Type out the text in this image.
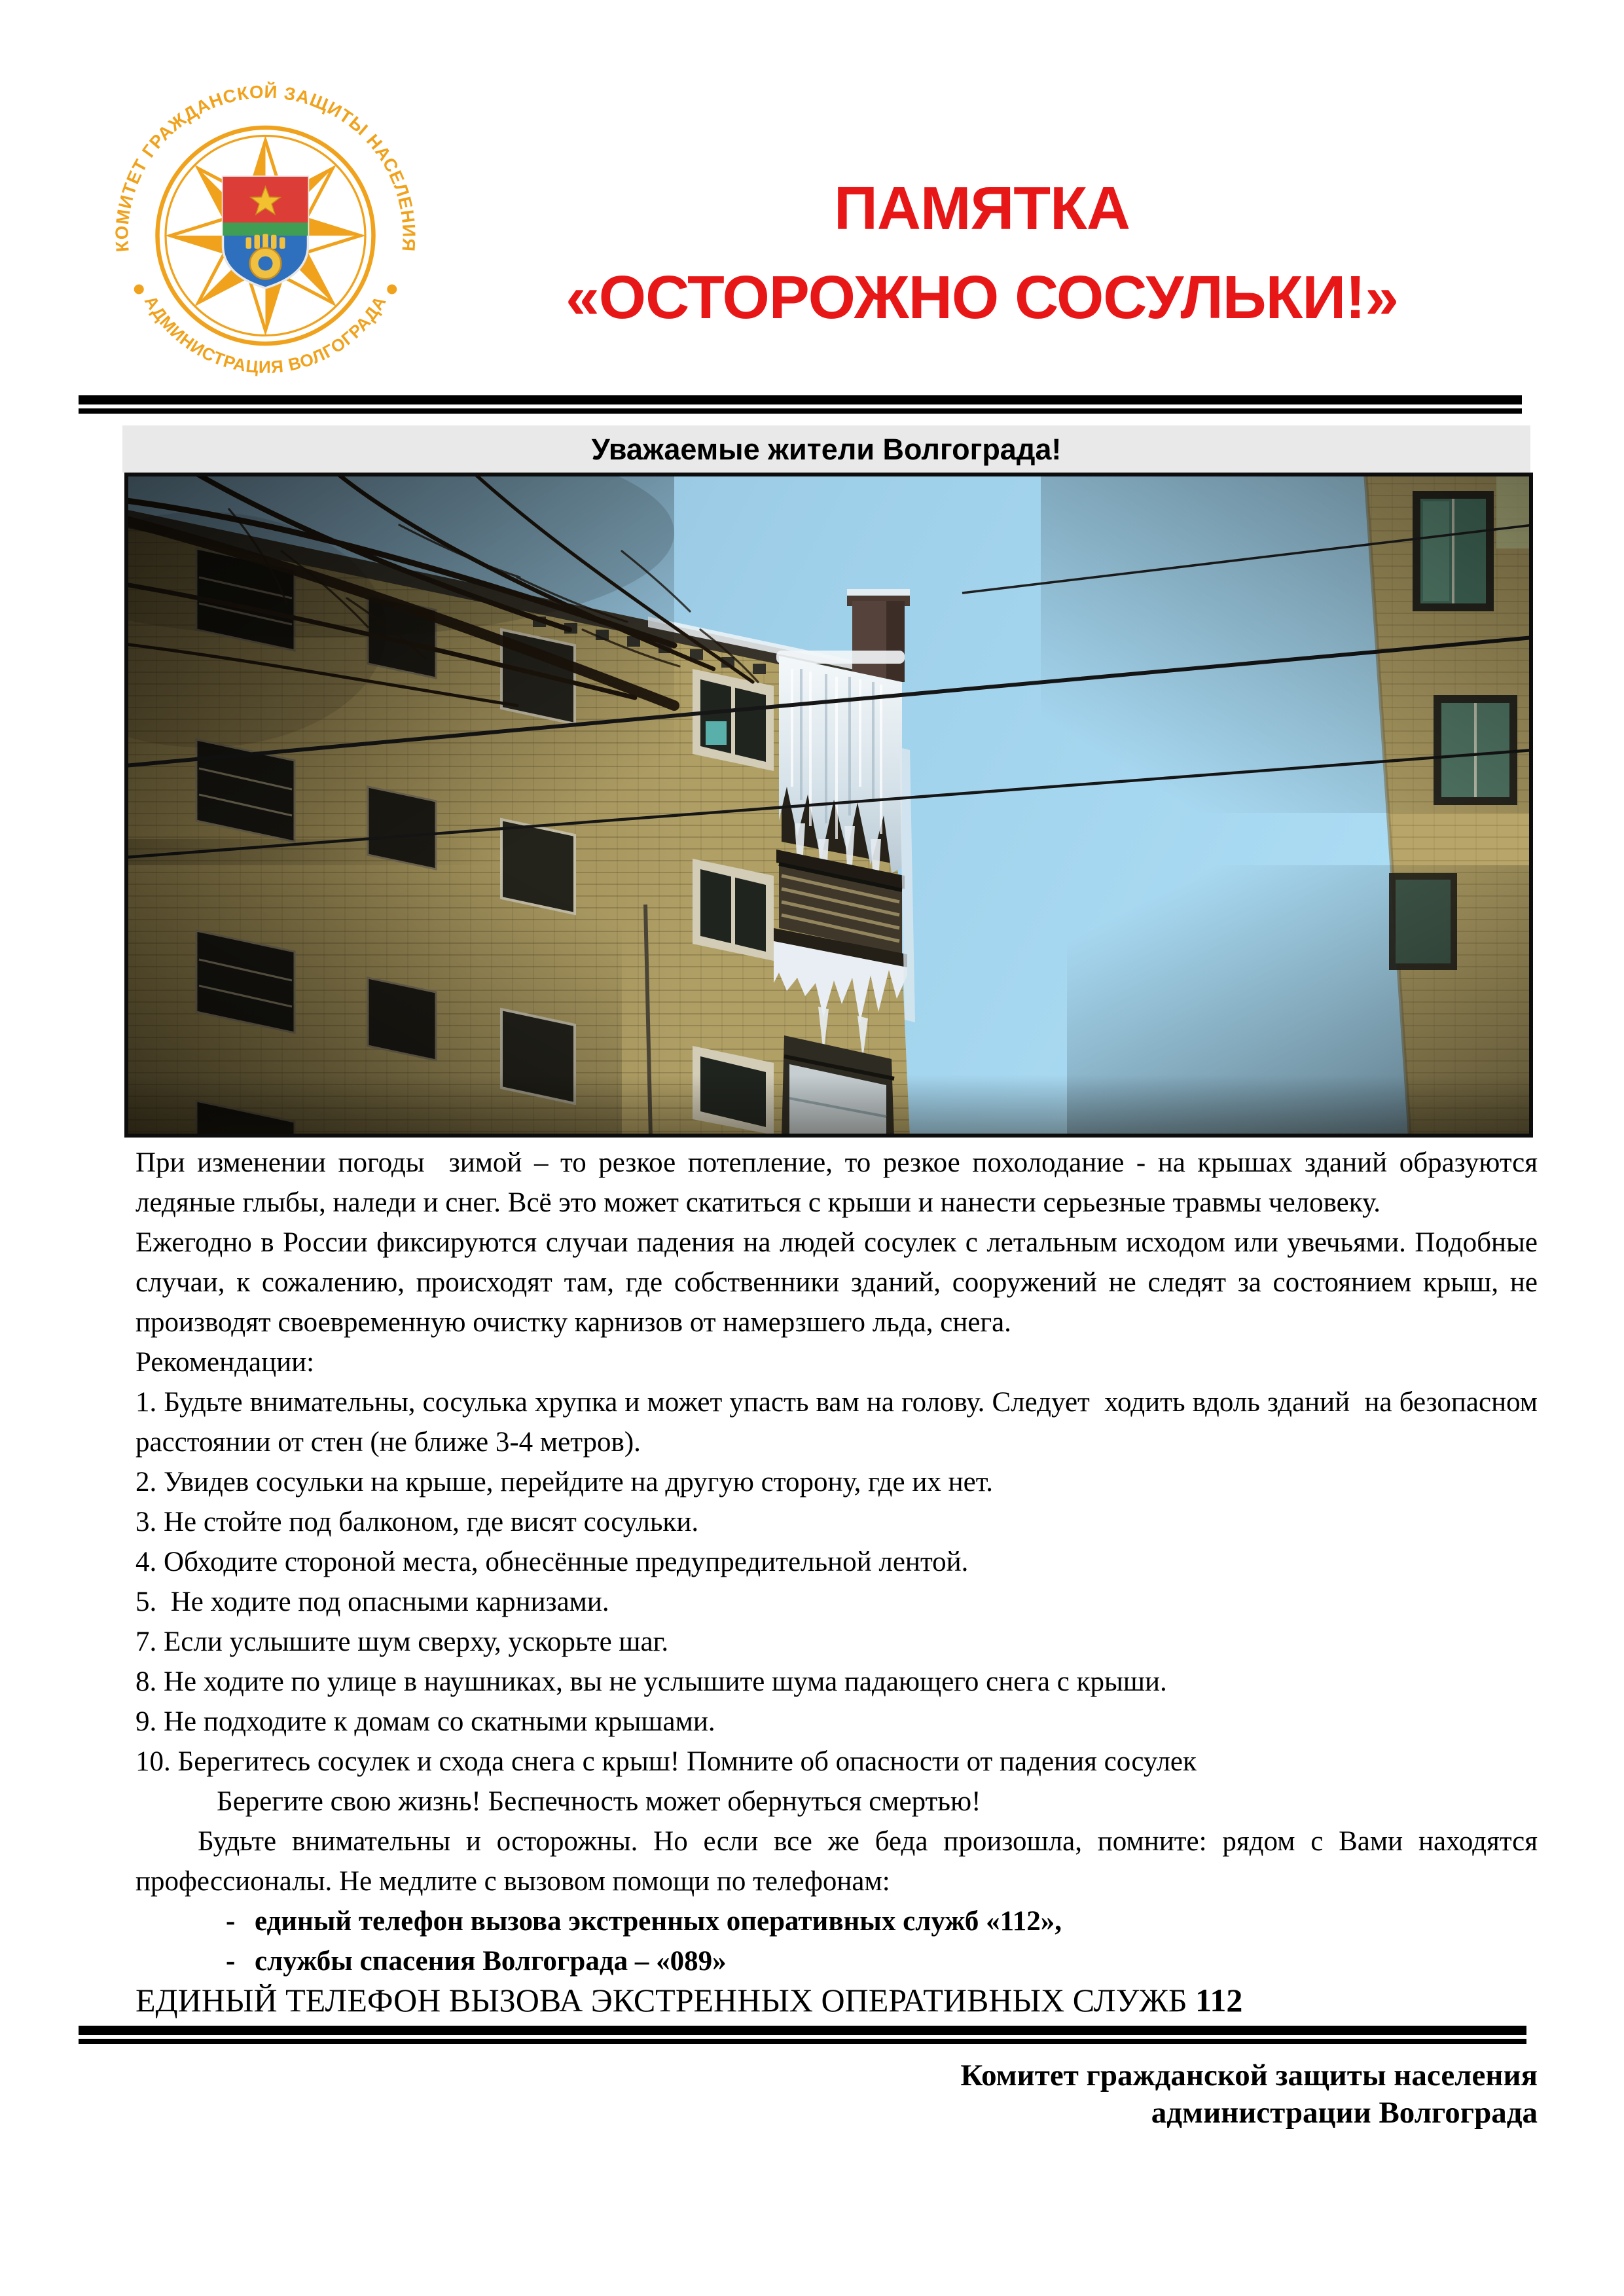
КОМИТЕТ ГРАЖДАНСКОЙ ЗАЩИТЫ НАСЕЛЕНИЯ
АДМИНИСТРАЦИЯ ВОЛГОГРАДА
ПАМЯТКА
«ОСТОРОЖНО СОСУЛЬКИ!»
Уважаемые жители Волгограда!

При изменении погоды  зимой – то резкое потепление, то резкое похолодание - на крышах зданий образуются ледяные глыбы, наледи и снег. Всё это может скатиться с крыши и нанести серьезные травмы человеку.

Ежегодно в России фиксируются случаи падения на людей сосулек с летальным исходом или увечьями. Подобные случаи, к сожалению, происходят там, где собственники зданий, сооружений не следят за состоянием крыш, не производят своевременную очистку карнизов от намерзшего льда, снега.

Рекомендации:

1. Будьте внимательны, сосулька хрупка и может упасть вам на голову. Следует  ходить вдоль зданий  на безопасном расстоянии от стен (не ближе 3-4 метров).

2. Увидев сосульки на крыше, перейдите на другую сторону, где их нет.

3. Не стойте под балконом, где висят сосульки.

4. Обходите стороной места, обнесённые предупредительной лентой.

5.  Не ходите под опасными карнизами.

7. Если услышите шум сверху, ускорьте шаг.

8. Не ходите по улице в наушниках, вы не услышите шума падающего снега с крыши.

9. Не подходите к домам со скатными крышами.

10. Берегитесь сосулек и схода снега с крыш! Помните об опасности от падения сосулек

Берегите свою жизнь! Беспечность может обернуться смертью!

Будьте внимательны и осторожны. Но если все же беда произошла, помните: рядом с Вами находятся профессионалы. Не медлите с вызовом помощи по телефонам:

- единый телефон вызова экстренных оперативных служб «112»,
- службы спасения Волгограда – «089»

ЕДИНЫЙ ТЕЛЕФОН ВЫЗОВА ЭКСТРЕННЫХ ОПЕРАТИВНЫХ СЛУЖБ 112

Комитет гражданской защиты населения
администрации Волгограда
